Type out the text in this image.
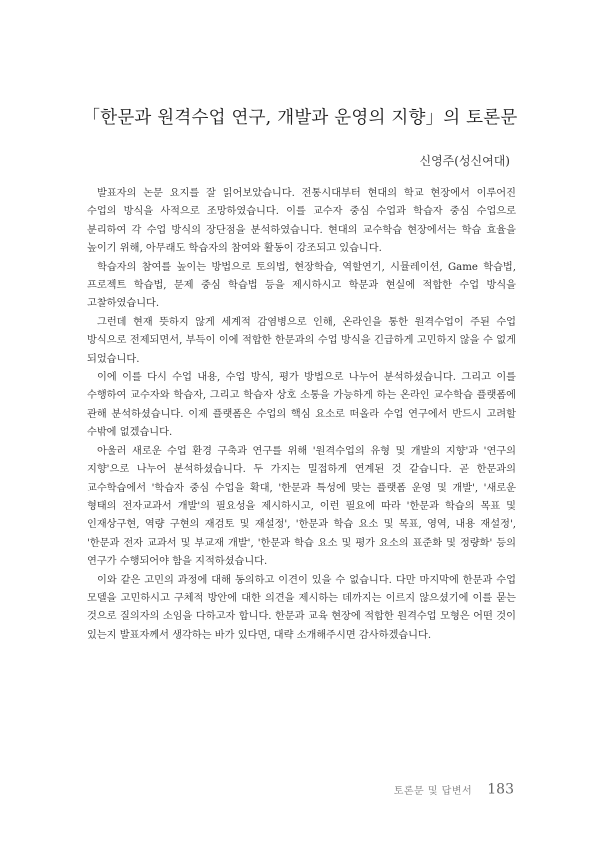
「한문과 원격수업 연구, 개발과 운영의 지향」의 토론문
신영주(성신여대)

발표자의 논문 요지를 잘 읽어보았습니다. 전통시대부터 현대의 학교 현장에서 이루어진 수업의 방식을 사적으로 조망하였습니다. 이를 교수자 중심 수업과 학습자 중심 수업으로 분리하여 각 수업 방식의 장단점을 분석하였습니다. 현대의 교수학습 현장에서는 학습 효율을 높이기 위해, 아무래도 학습자의 참여와 활동이 강조되고 있습니다.

학습자의 참여를 높이는 방법으로 토의법, 현장학습, 역할연기, 시뮬레이션, Game 학습법, 프로젝트 학습법, 문제 중심 학습법 등을 제시하시고 학문과 현실에 적합한 수업 방식을 고찰하였습니다.

그런데 현재 뜻하지 않게 세계적 감염병으로 인해, 온라인을 통한 원격수업이 주된 수업 방식으로 전제되면서, 부득이 이에 적합한 한문과의 수업 방식을 긴급하게 고민하지 않을 수 없게 되었습니다.

이에 이를 다시 수업 내용, 수업 방식, 평가 방법으로 나누어 분석하셨습니다. 그리고 이를 수행하여 교수자와 학습자, 그리고 학습자 상호 소통을 가능하게 하는 온라인 교수학습 플랫폼에 관해 분석하셨습니다. 이제 플랫폼은 수업의 핵심 요소로 떠올라 수업 연구에서 반드시 고려할 수밖에 없겠습니다.

아울러 새로운 수업 환경 구축과 연구를 위해 '원격수업의 유형 및 개발의 지향'과 '연구의 지향'으로 나누어 분석하셨습니다. 두 가지는 밀접하게 연계된 것 같습니다. 곧 한문과의 교수학습에서 '학습자 중심 수업을 확대, '한문과 특성에 맞는 플랫폼 운영 및 개발', '새로운 형태의 전자교과서 개발'의 필요성을 제시하시고, 이런 필요에 따라 '한문과 학습의 목표 및 인재상구현, 역량 구현의 재검토 및 재설정', '한문과 학습 요소 및 목표, 영역, 내용 재설정', '한문과 전자 교과서 및 부교재 개발', '한문과 학습 요소 및 평가 요소의 표준화 및 정량화' 등의 연구가 수행되어야 함을 지적하셨습니다.

이와 같은 고민의 과정에 대해 동의하고 이견이 있을 수 없습니다. 다만 마지막에 한문과 수업 모델을 고민하시고 구체적 방안에 대한 의견을 제시하는 데까지는 이르지 않으셨기에 이를 묻는 것으로 질의자의 소임을 다하고자 합니다. 한문과 교육 현장에 적합한 원격수업 모형은 어떤 것이 있는지 발표자께서 생각하는 바가 있다면, 대략 소개해주시면 감사하겠습니다.

토론문 및 답변서 183
